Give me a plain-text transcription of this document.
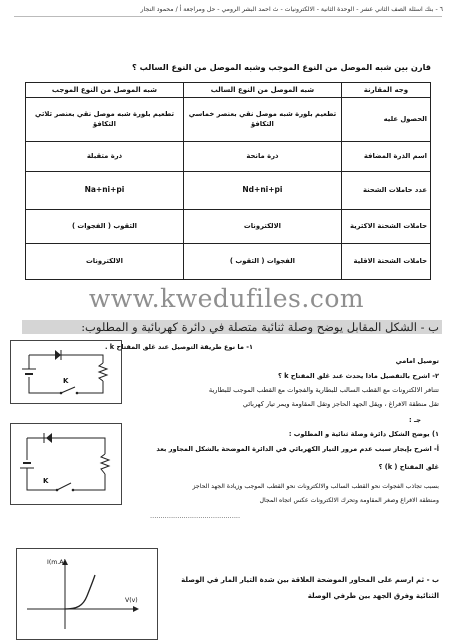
٦ - بنك اسئلة الصف الثاني عشر - الوحدة الثانية - الالكترونيات - ث احمد البشر الرومي - حل ومراجعة أ / محمود النجار
قارن بين شبه الموصل من النوع الموجب وشبه الموصل من النوع السالب ؟
وجه المقارنة	شبه الموصل من النوع السالب	شبه الموصل من النوع الموجب
الحصول عليه	تطعيم بلورة شبه موصل نقي بعنصر خماسي التكافؤ	تطعيم بلورة شبه موصل نقي بعنصر ثلاثي التكافؤ
اسم الذرة المضافة	ذرة مانحة	ذرة متقبلة
عدد حاملات الشحنة	Nd+ni+pi	Na+ni+pi
حاملات الشحنة الاكثرية	الالكترونات	الثقوب ( الفجوات )
حاملات الشحنة الاقلية	الفجوات ( الثقوب )	الالكترونات
www.kwedufiles.com
ب - الشكل المقابل يوضح وصلة ثنائية متصلة في دائرة كهربائية و المطلوب:
K
١- ما نوع طريقة التوصيل عند غلق المفتاح k .
توصيل امامي
٢- اشرح بالتفصيل ماذا يحدث عند غلق المفتاح k ؟
تتنافر الالكترونات مع القطب السالب للبطارية والفجوات مع القطب الموجب للبطارية
تقل منطقة الافراغ ، ويقل الجهد الحاجز وتقل المقاومة ويمر تيار كهربائي
جـ :
١) يوضح الشكل دائرة وصلة ثنائية و المطلوب :
K
أ- اشرح بإيجاز سبب عدم مرور التيار الكهربائي في الدائرة الموضحة بالشكل المجاور بعد
غلق المفتاح ( k) ؟
بسبب تجاذب الفجوات نحو القطب السالب والالكترونات نحو القطب الموجب وزيادة الجهد الحاجز
ومنطقة الافراغ وصغر المقاومة وتحرك الالكترونات عكس اتجاه المجال
...........................................
I(m.A)
V(v)
ب - ثم ارسم على المحاور الموضحة العلاقة بين شدة التيار المار في الوصلة
الثنائية وفرق الجهد بين طرفي الوصلة
